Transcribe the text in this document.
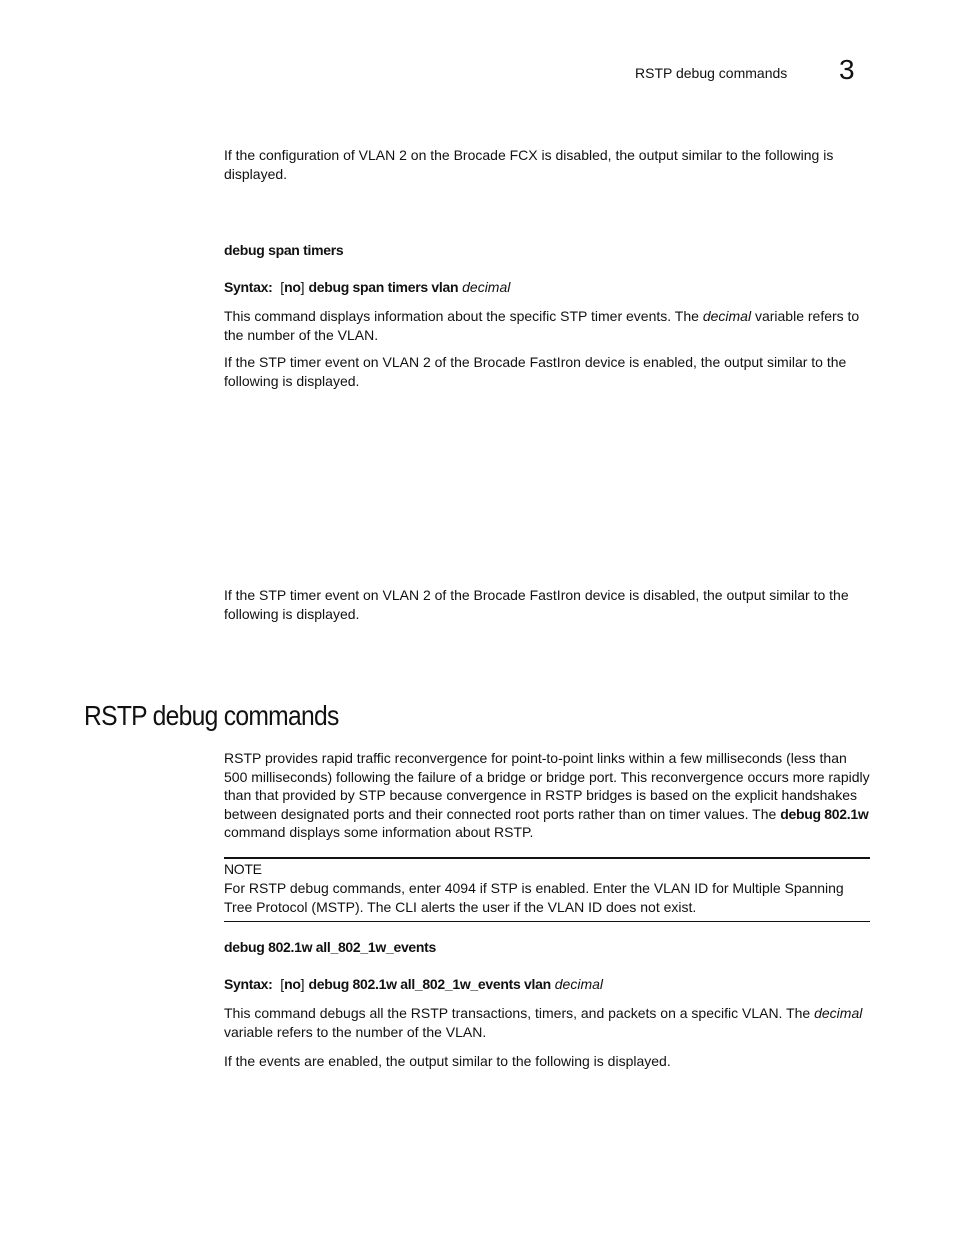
RSTP debug commands 3

If the configuration of VLAN 2 on the Brocade FCX is disabled, the output similar to the following is displayed.

debug span timers
Syntax:  [no] debug span timers vlan decimal

This command displays information about the specific STP timer events. The decimal variable refers to the number of the VLAN.

If the STP timer event on VLAN 2 of the Brocade FastIron device is enabled, the output similar to the following is displayed.

If the STP timer event on VLAN 2 of the Brocade FastIron device is disabled, the output similar to the following is displayed.

RSTP debug commands

RSTP provides rapid traffic reconvergence for point-to-point links within a few milliseconds (less than 500 milliseconds) following the failure of a bridge or bridge port. This reconvergence occurs more rapidly than that provided by STP because convergence in RSTP bridges is based on the explicit handshakes between designated ports and their connected root ports rather than on timer values. The debug 802.1w command displays some information about RSTP.

NOTE

For RSTP debug commands, enter 4094 if STP is enabled. Enter the VLAN ID for Multiple Spanning Tree Protocol (MSTP). The CLI alerts the user if the VLAN ID does not exist.

debug 802.1w all_802_1w_events
Syntax:  [no] debug 802.1w all_802_1w_events vlan decimal

This command debugs all the RSTP transactions, timers, and packets on a specific VLAN. The decimal variable refers to the number of the VLAN.

If the events are enabled, the output similar to the following is displayed.
